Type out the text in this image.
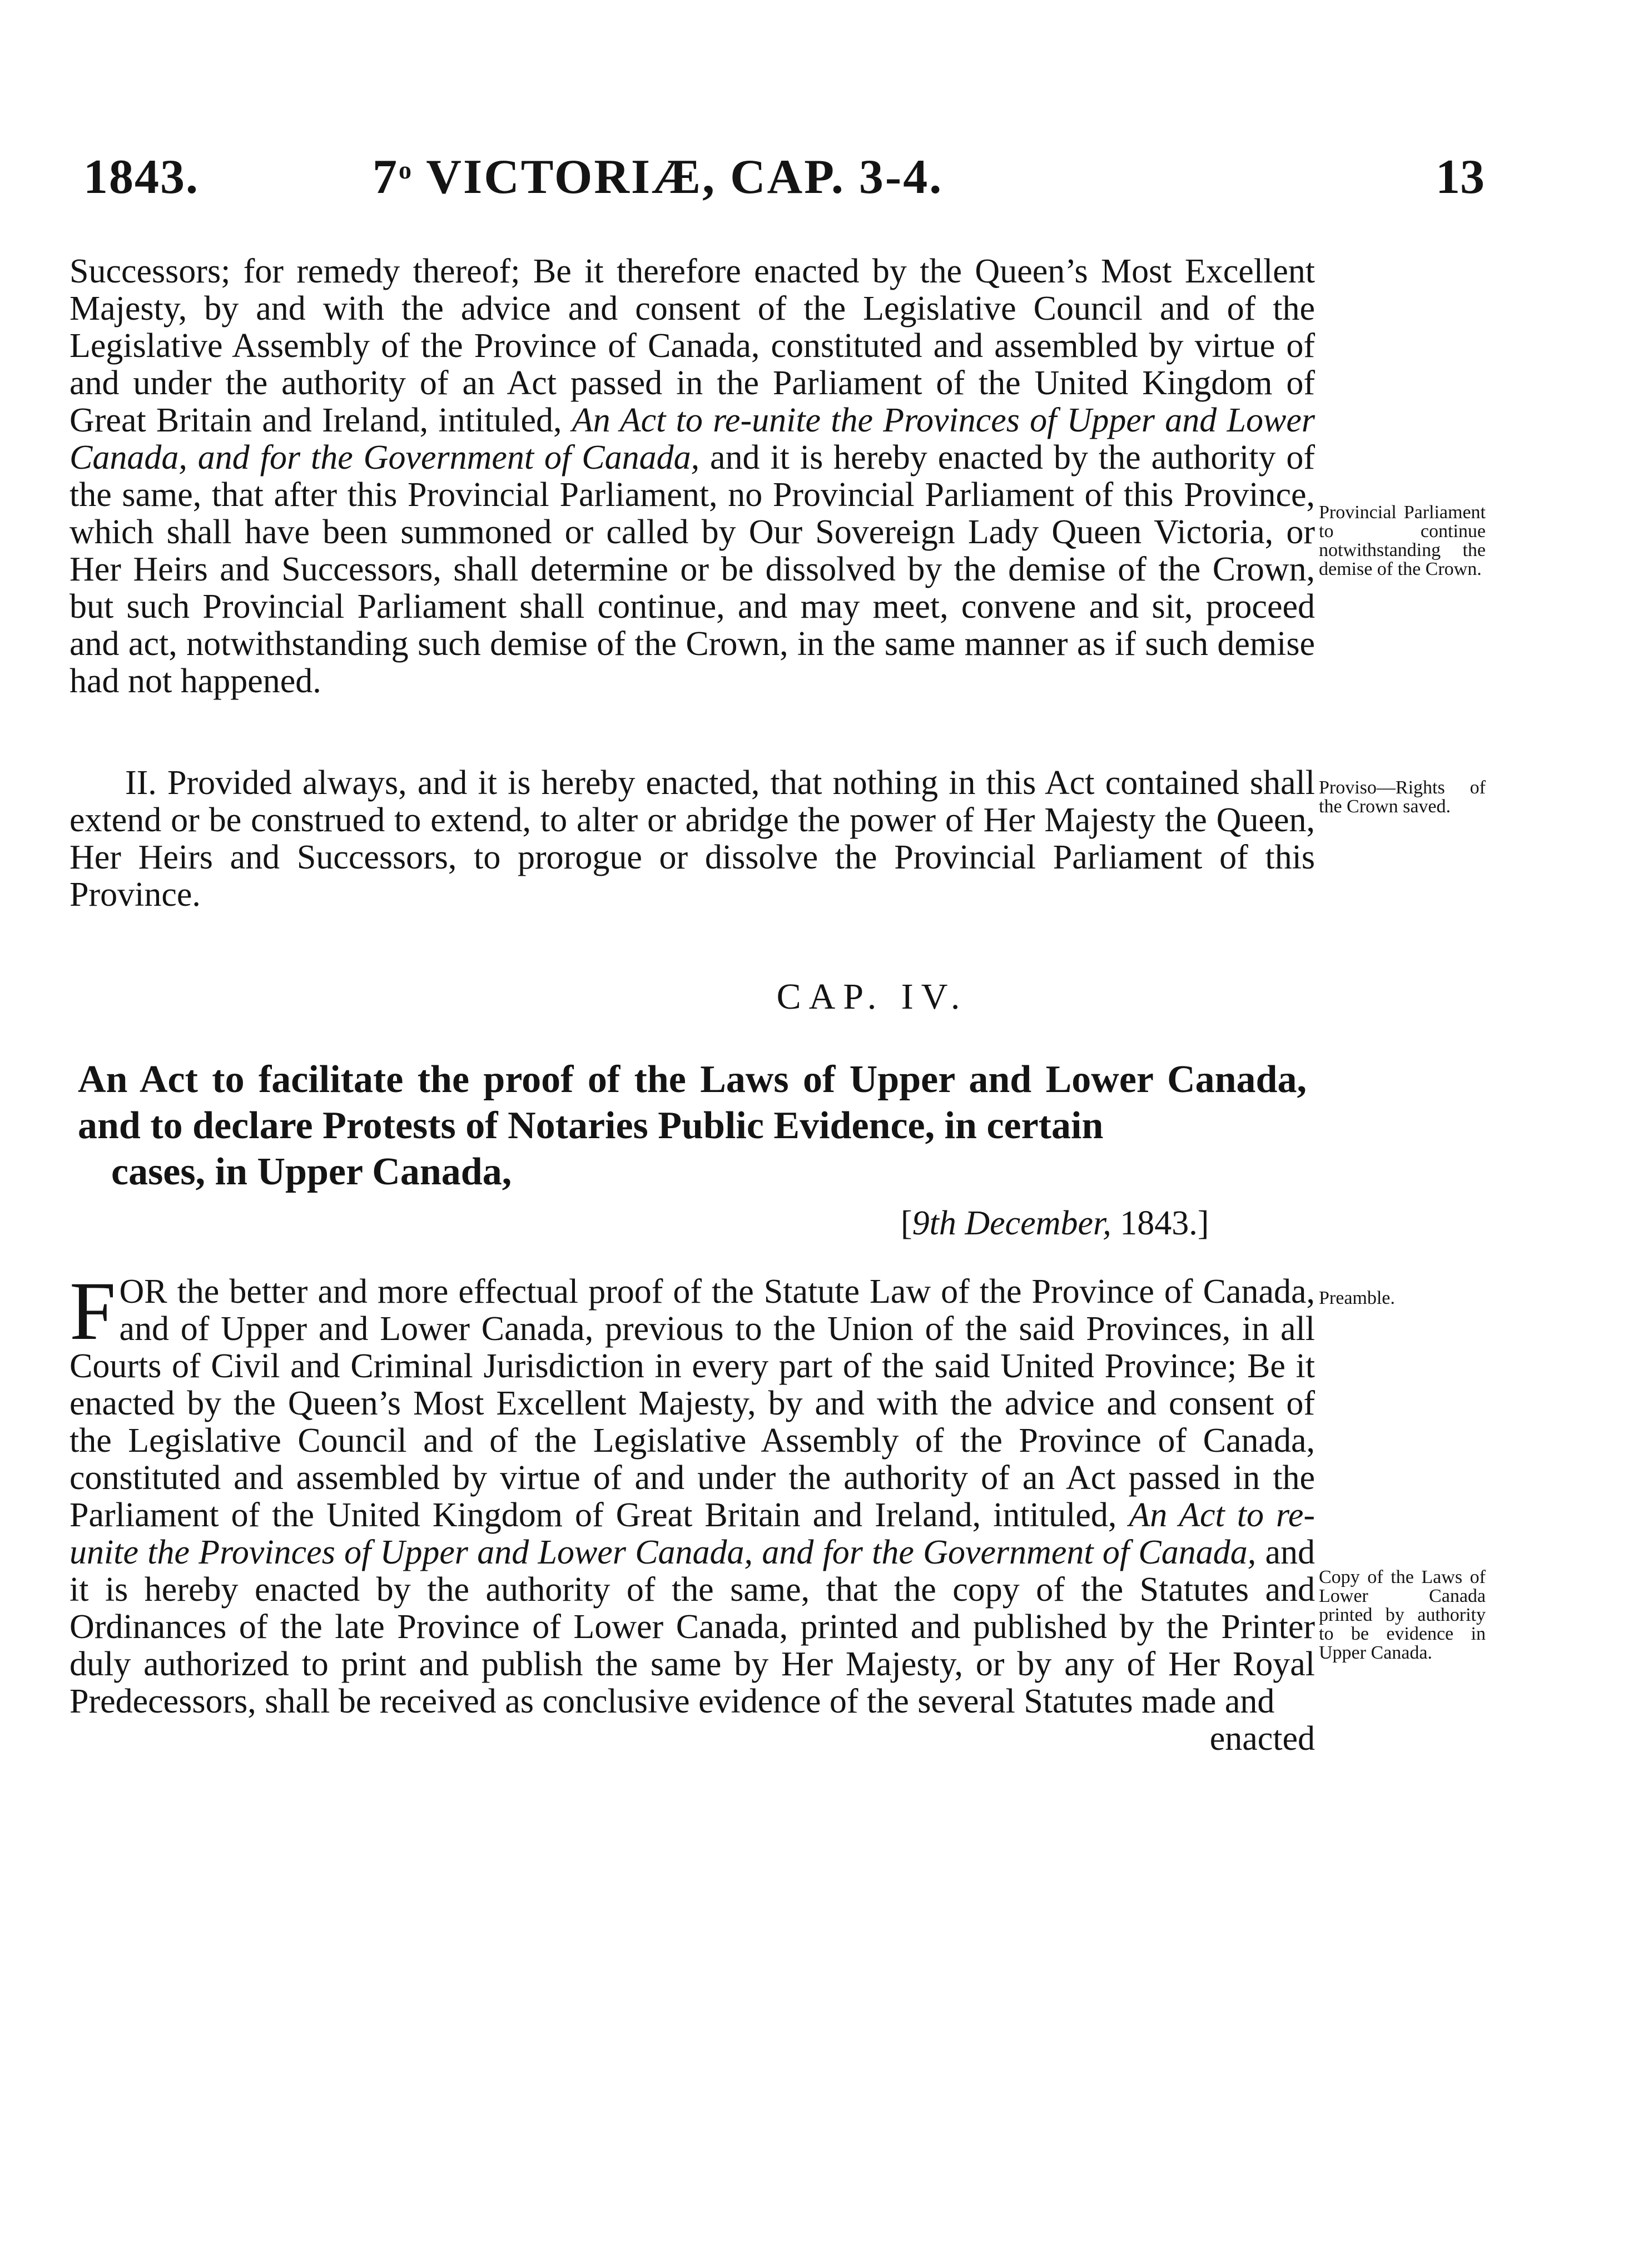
1843.	7$^o$ VICTORIÆ, CAP. 3-4.	13

Successors; for remedy thereof; Be it therefore enacted by the Queen’s Most Excellent Majesty, by and with the advice and consent of the Legislative Council and of the Legislative Assembly of the Province of Canada, constituted and assembled by virtue of and under the authority of an Act passed in the Parliament of the United Kingdom of Great Britain and Ireland, intituled, An Act to re-unite the Provinces of Upper and Lower Canada, and for the Government of Canada, and it is hereby enacted by the authority of the same, that after this Provincial Parliament, no Provincial Parliament of this Province, which shall have been summoned or called by Our Sovereign Lady Queen Victoria, or Her Heirs and Successors, shall determine or be dissolved by the demise of the Crown, but such Provincial Parliament shall continue, and may meet, convene and sit, proceed and act, notwithstanding such demise of the Crown, in the same manner as if such demise had not happened.

Provincial Parliament to continue notwithstanding the demise of the Crown.

II. Provided always, and it is hereby enacted, that nothing in this Act contained shall extend or be construed to extend, to alter or abridge the power of Her Majesty the Queen, Her Heirs and Successors, to prorogue or dissolve the Provincial Parliament of this Province.

Proviso—Rights of the Crown saved.
CAP. IV.
An Act to facilitate the proof of the Laws of Upper and Lower Canada, and to declare Protests of Notaries Public Evidence, in certain
cases, in Upper Canada,
[9th December, 1843.]

FOR the better and more effectual proof of the Statute Law of the Province of Canada, and of Upper and Lower Canada, previous to the Union of the said Provinces, in all Courts of Civil and Criminal Jurisdiction in every part of the said United Province; Be it enacted by the Queen’s Most Excellent Majesty, by and with the advice and consent of the Legislative Council and of the Legislative Assembly of the Province of Canada, constituted and assembled by virtue of and under the authority of an Act passed in the Parliament of the United Kingdom of Great Britain and Ireland, intituled, An Act to re-unite the Provinces of Upper and Lower Canada, and for the Government of Canada, and it is hereby enacted by the authority of the same, that the copy of the Statutes and Ordinances of the late Province of Lower Canada, printed and published by the Printer duly authorized to print and publish the same by Her Majesty, or by any of Her Royal Predecessors, shall be received as conclusive evidence of the several Statutes made and

enacted

Preamble.
Copy of the Laws of Lower Canada printed by authority to be evidence in Upper Canada.
